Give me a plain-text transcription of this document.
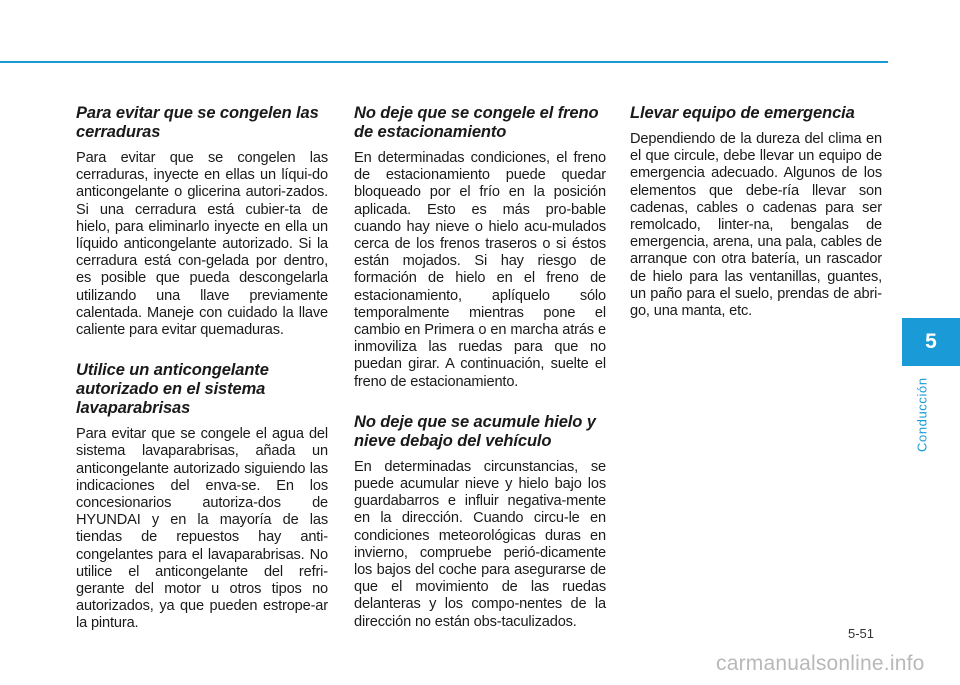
Para evitar que se congelen las cerraduras

Para evitar que se congelen las cerraduras, inyecte en ellas un líqui-do anticongelante o glicerina autori-zados. Si una cerradura está cubier-ta de hielo, para eliminarlo inyecte en ella un líquido anticongelante autorizado. Si la cerradura está con-gelada por dentro, es posible que pueda descongelarla utilizando una llave previamente calentada. Maneje con cuidado la llave caliente para evitar quemaduras.

Utilice un anticongelante autorizado en el sistema lavaparabrisas

Para evitar que se congele el agua del sistema lavaparabrisas, añada un anticongelante autorizado siguiendo las indicaciones del enva-se. En los concesionarios autoriza-dos de HYUNDAI y en la mayoría de las tiendas de repuestos hay anti-congelantes para el lavaparabrisas. No utilice el anticongelante del refri-gerante del motor u otros tipos no autorizados, ya que pueden estrope-ar la pintura.

No deje que se congele el freno de estacionamiento

En determinadas condiciones, el freno de estacionamiento puede quedar bloqueado por el frío en la posición aplicada. Esto es más pro-bable cuando hay nieve o hielo acu-mulados cerca de los frenos traseros o si éstos están mojados. Si hay riesgo de formación de hielo en el freno de estacionamiento, aplíquelo sólo temporalmente mientras pone el cambio en Primera o en marcha atrás e inmoviliza las ruedas para que no puedan girar. A continuación, suelte el freno de estacionamiento.

No deje que se acumule hielo y nieve debajo del vehículo

En determinadas circunstancias, se puede acumular nieve y hielo bajo los guardabarros e influir negativa-mente en la dirección. Cuando circu-le en condiciones meteorológicas duras en invierno, compruebe perió-dicamente los bajos del coche para asegurarse de que el movimiento de las ruedas delanteras y los compo-nentes de la dirección no están obs-taculizados.

Llevar equipo de emergencia

Dependiendo de la dureza del clima en el que circule, debe llevar un equipo de emergencia adecuado. Algunos de los elementos que debe-ría llevar son cadenas, cables o cadenas para ser remolcado, linter-na, bengalas de emergencia, arena, una pala, cables de arranque con otra batería, un rascador de hielo para las ventanillas, guantes, un paño para el suelo, prendas de abri-go, una manta, etc.

5
Conducción
5-51
carmanualsonline.info
